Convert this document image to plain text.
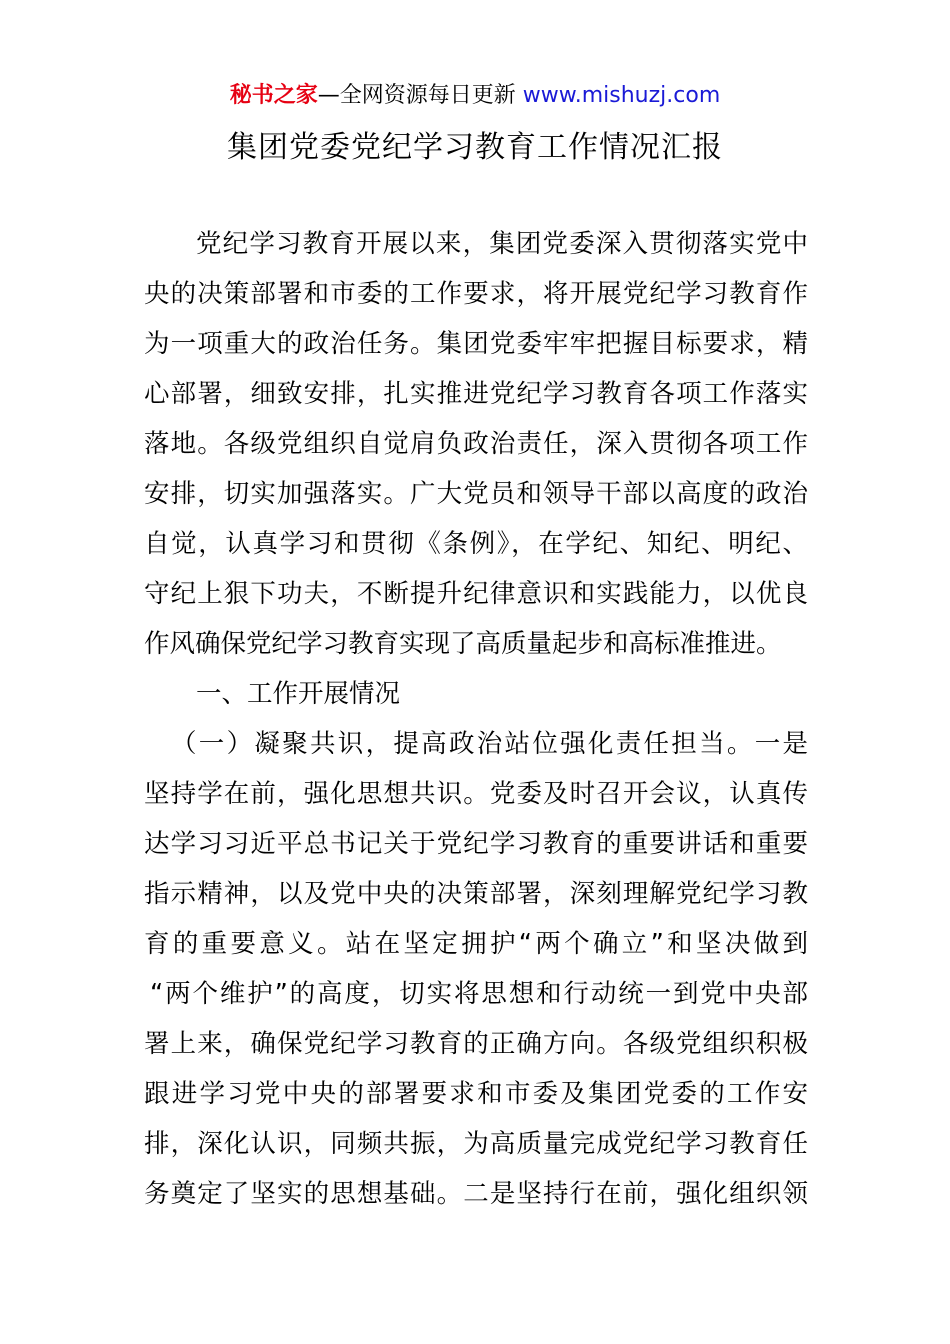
秘书之家—全网资源每日更新 www.mishuzj.com
集团党委党纪学习教育工作情况汇报
党纪学习教育开展以来，集团党委深入贯彻落实党中
央的决策部署和市委的工作要求，将开展党纪学习教育作
为一项重大的政治任务。集团党委牢牢把握目标要求，精
心部署，细致安排，扎实推进党纪学习教育各项工作落实
落地。各级党组织自觉肩负政治责任，深入贯彻各项工作
安排，切实加强落实。广大党员和领导干部以高度的政治
自觉，认真学习和贯彻《条例》，在学纪、知纪、明纪、
守纪上狠下功夫，不断提升纪律意识和实践能力，以优良
作风确保党纪学习教育实现了高质量起步和高标准推进。
一、工作开展情况
（一）凝聚共识，提高政治站位强化责任担当。一是
坚持学在前，强化思想共识。党委及时召开会议，认真传
达学习习近平总书记关于党纪学习教育的重要讲话和重要
指示精神，以及党中央的决策部署，深刻理解党纪学习教
育的重要意义。站在坚定拥护“两个确立”和坚决做到
“两个维护”的高度，切实将思想和行动统一到党中央部
署上来，确保党纪学习教育的正确方向。各级党组织积极
跟进学习党中央的部署要求和市委及集团党委的工作安
排，深化认识，同频共振，为高质量完成党纪学习教育任
务奠定了坚实的思想基础。二是坚持行在前，强化组织领
